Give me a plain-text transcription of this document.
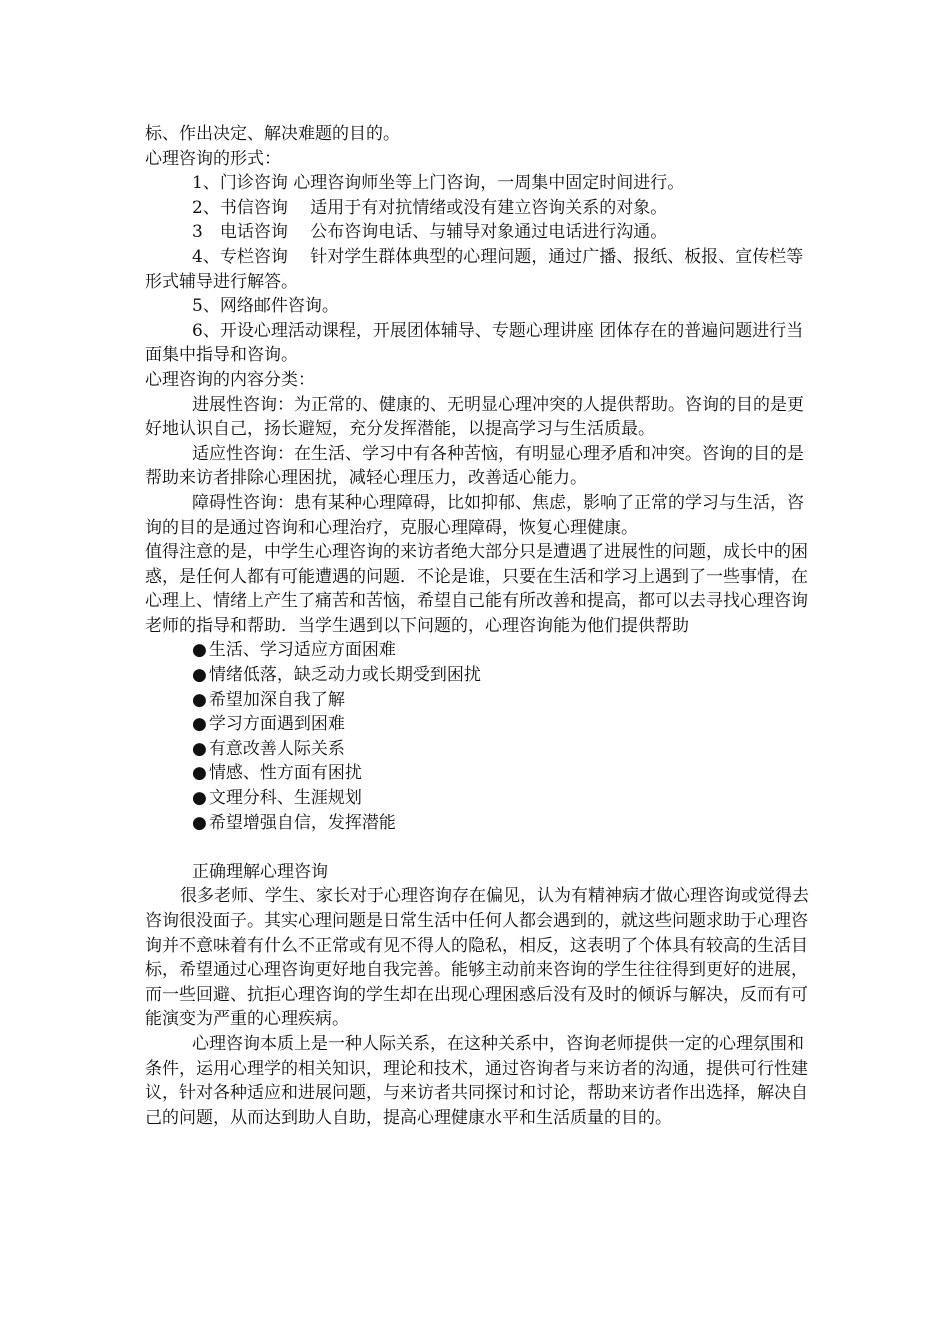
标、作出决定、解决难题的目的。

心理咨询的形式：

1、门诊咨询 心理咨询师坐等上门咨询，一周集中固定时间进行。

2、书信咨询　 适用于有对抗情绪或没有建立咨询关系的对象。

3　电话咨询　 公布咨询电话、与辅导对象通过电话进行沟通。

4、专栏咨询　 针对学生群体典型的心理问题，通过广播、报纸、板报、宣传栏等形式辅导进行解答。

5、网络邮件咨询。

6、开设心理活动课程，开展团体辅导、专题心理讲座 团体存在的普遍问题进行当面集中指导和咨询。

心理咨询的内容分类：

进展性咨询：为正常的、健康的、无明显心理冲突的人提供帮助。咨询的目的是更好地认识自己，扬长避短，充分发挥潜能，以提高学习与生活质最。

适应性咨询：在生活、学习中有各种苦恼，有明显心理矛盾和冲突。咨询的目的是帮助来访者排除心理困扰，减轻心理压力，改善适心能力。

障碍性咨询：患有某种心理障碍，比如抑郁、焦虑，影响了正常的学习与生活，咨询的目的是通过咨询和心理治疗，克服心理障碍，恢复心理健康。

值得注意的是，中学生心理咨询的来访者绝大部分只是遭遇了进展性的问题，成长中的困惑，是任何人都有可能遭遇的问题．不论是谁，只要在生活和学习上遇到了一些事情，在心理上、情绪上产生了痛苦和苦恼，希望自己能有所改善和提高，都可以去寻找心理咨询老师的指导和帮助．当学生遇到以下问题的，心理咨询能为他们提供帮助

● 生活、学习适应方面困难
● 情绪低落，缺乏动力或长期受到困扰
● 希望加深自我了解
● 学习方面遇到困难
● 有意改善人际关系
● 情感、性方面有困扰
● 文理分科、生涯规划
● 希望增强自信，发挥潜能

正确理解心理咨询

很多老师、学生、家长对于心理咨询存在偏见，认为有精神病才做心理咨询或觉得去咨询很没面子。其实心理问题是日常生活中任何人都会遇到的，就这些问题求助于心理咨询并不意味着有什么不正常或有见不得人的隐私，相反，这表明了个体具有较高的生活目标，希望通过心理咨询更好地自我完善。能够主动前来咨询的学生往往得到更好的进展，而一些回避、抗拒心理咨询的学生却在出现心理困惑后没有及时的倾诉与解决，反而有可能演变为严重的心理疾病。

心理咨询本质上是一种人际关系，在这种关系中，咨询老师提供一定的心理氛围和条件，运用心理学的相关知识，理论和技术，通过咨询者与来访者的沟通，提供可行性建议，针对各种适应和进展问题，与来访者共同探讨和讨论，帮助来访者作出选择，解决自己的问题，从而达到助人自助，提高心理健康水平和生活质量的目的。
